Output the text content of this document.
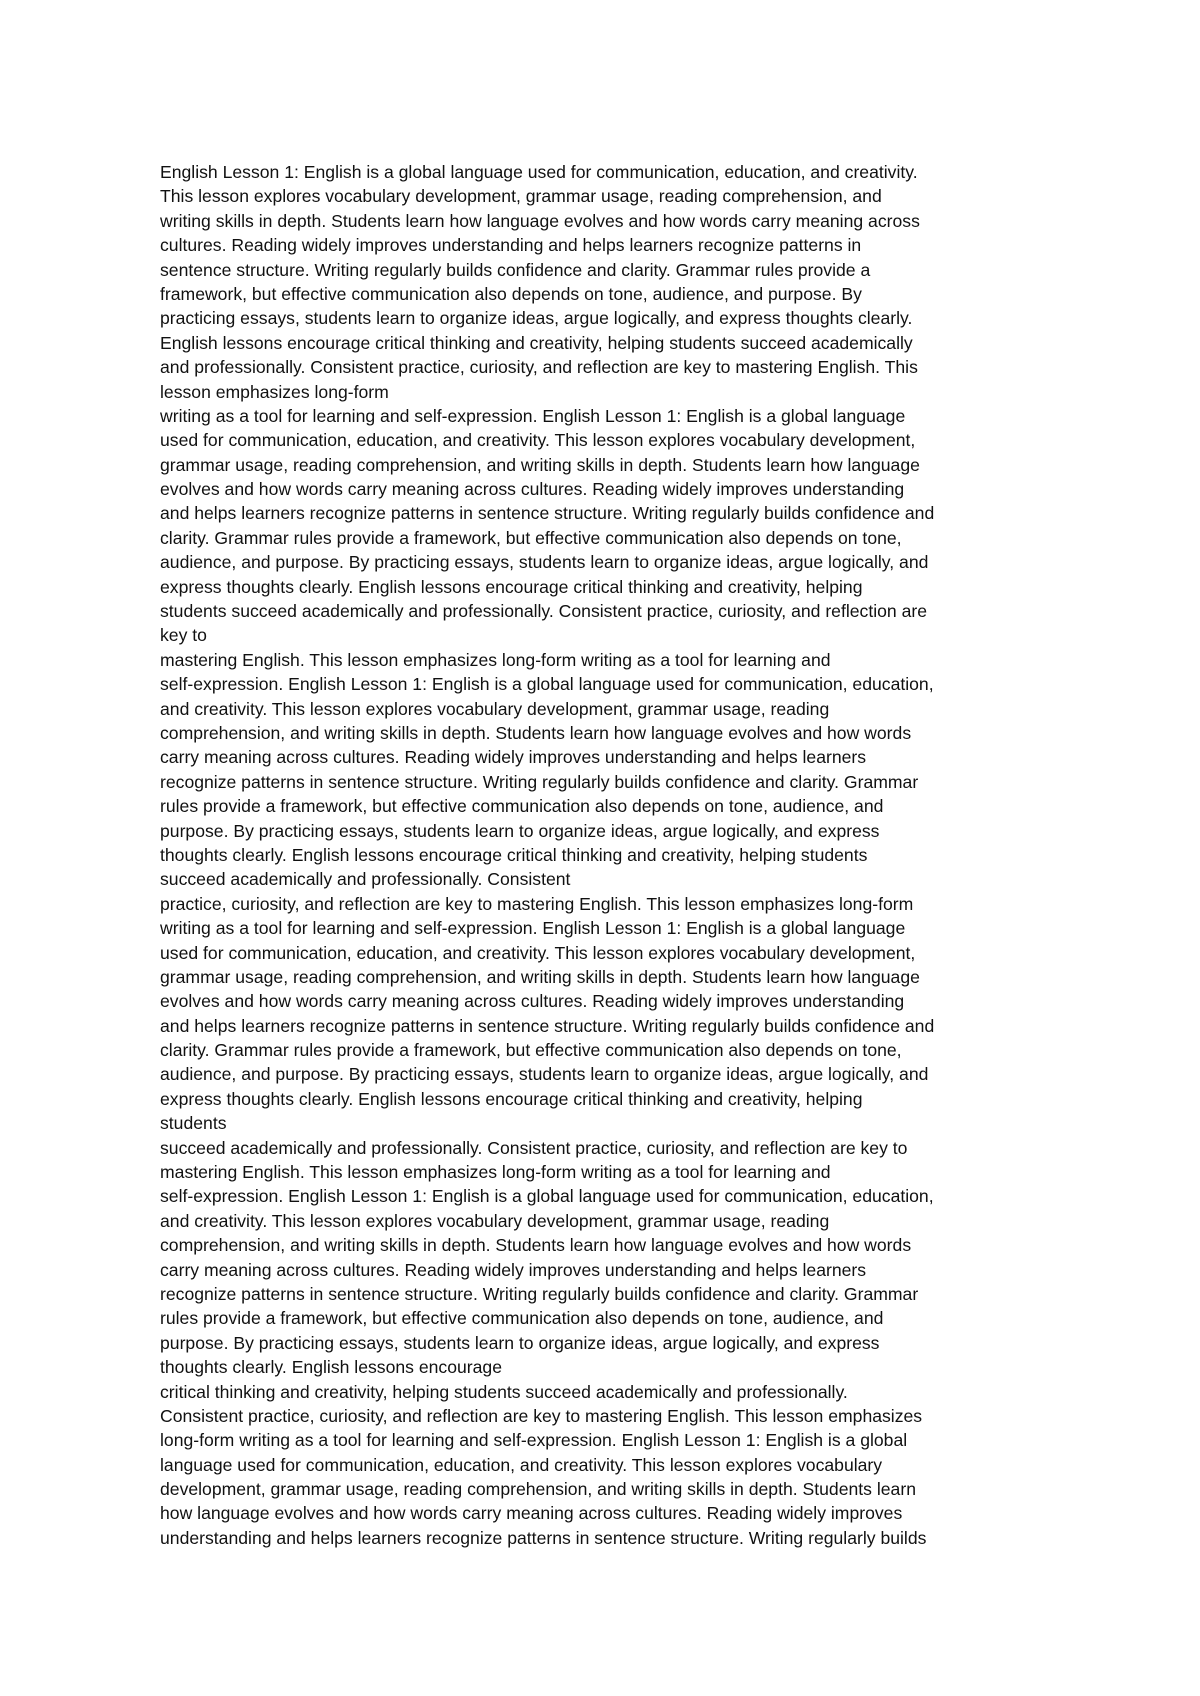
English Lesson 1: English is a global language used for communication, education, and creativity.
This lesson explores vocabulary development, grammar usage, reading comprehension, and
writing skills in depth. Students learn how language evolves and how words carry meaning across
cultures. Reading widely improves understanding and helps learners recognize patterns in
sentence structure. Writing regularly builds confidence and clarity. Grammar rules provide a
framework, but effective communication also depends on tone, audience, and purpose. By
practicing essays, students learn to organize ideas, argue logically, and express thoughts clearly.
English lessons encourage critical thinking and creativity, helping students succeed academically
and professionally. Consistent practice, curiosity, and reflection are key to mastering English. This
lesson emphasizes long-form
writing as a tool for learning and self-expression. English Lesson 1: English is a global language
used for communication, education, and creativity. This lesson explores vocabulary development,
grammar usage, reading comprehension, and writing skills in depth. Students learn how language
evolves and how words carry meaning across cultures. Reading widely improves understanding
and helps learners recognize patterns in sentence structure. Writing regularly builds confidence and
clarity. Grammar rules provide a framework, but effective communication also depends on tone,
audience, and purpose. By practicing essays, students learn to organize ideas, argue logically, and
express thoughts clearly. English lessons encourage critical thinking and creativity, helping
students succeed academically and professionally. Consistent practice, curiosity, and reflection are
key to
mastering English. This lesson emphasizes long-form writing as a tool for learning and
self-expression. English Lesson 1: English is a global language used for communication, education,
and creativity. This lesson explores vocabulary development, grammar usage, reading
comprehension, and writing skills in depth. Students learn how language evolves and how words
carry meaning across cultures. Reading widely improves understanding and helps learners
recognize patterns in sentence structure. Writing regularly builds confidence and clarity. Grammar
rules provide a framework, but effective communication also depends on tone, audience, and
purpose. By practicing essays, students learn to organize ideas, argue logically, and express
thoughts clearly. English lessons encourage critical thinking and creativity, helping students
succeed academically and professionally. Consistent
practice, curiosity, and reflection are key to mastering English. This lesson emphasizes long-form
writing as a tool for learning and self-expression. English Lesson 1: English is a global language
used for communication, education, and creativity. This lesson explores vocabulary development,
grammar usage, reading comprehension, and writing skills in depth. Students learn how language
evolves and how words carry meaning across cultures. Reading widely improves understanding
and helps learners recognize patterns in sentence structure. Writing regularly builds confidence and
clarity. Grammar rules provide a framework, but effective communication also depends on tone,
audience, and purpose. By practicing essays, students learn to organize ideas, argue logically, and
express thoughts clearly. English lessons encourage critical thinking and creativity, helping
students
succeed academically and professionally. Consistent practice, curiosity, and reflection are key to
mastering English. This lesson emphasizes long-form writing as a tool for learning and
self-expression. English Lesson 1: English is a global language used for communication, education,
and creativity. This lesson explores vocabulary development, grammar usage, reading
comprehension, and writing skills in depth. Students learn how language evolves and how words
carry meaning across cultures. Reading widely improves understanding and helps learners
recognize patterns in sentence structure. Writing regularly builds confidence and clarity. Grammar
rules provide a framework, but effective communication also depends on tone, audience, and
purpose. By practicing essays, students learn to organize ideas, argue logically, and express
thoughts clearly. English lessons encourage
critical thinking and creativity, helping students succeed academically and professionally.
Consistent practice, curiosity, and reflection are key to mastering English. This lesson emphasizes
long-form writing as a tool for learning and self-expression. English Lesson 1: English is a global
language used for communication, education, and creativity. This lesson explores vocabulary
development, grammar usage, reading comprehension, and writing skills in depth. Students learn
how language evolves and how words carry meaning across cultures. Reading widely improves
understanding and helps learners recognize patterns in sentence structure. Writing regularly builds
